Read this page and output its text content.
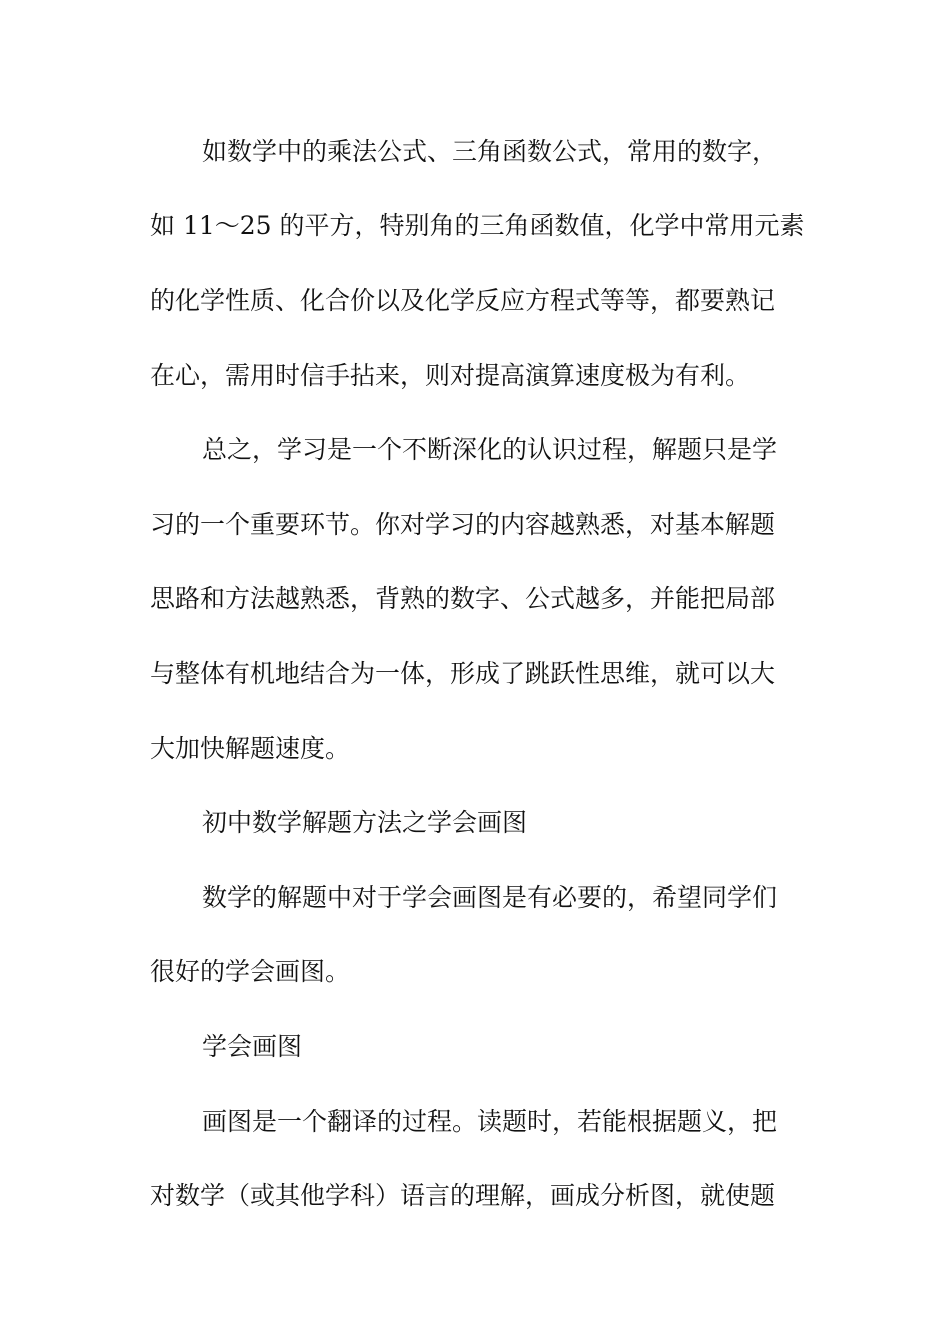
如数学中的乘法公式、三角函数公式，常用的数字，
如 11～25 的平方，特别角的三角函数值，化学中常用元素
的化学性质、化合价以及化学反应方程式等等，都要熟记
在心，需用时信手拈来，则对提高演算速度极为有利。
总之，学习是一个不断深化的认识过程，解题只是学
习的一个重要环节。你对学习的内容越熟悉，对基本解题
思路和方法越熟悉，背熟的数字、公式越多，并能把局部
与整体有机地结合为一体，形成了跳跃性思维，就可以大
大加快解题速度。
初中数学解题方法之学会画图
数学的解题中对于学会画图是有必要的，希望同学们
很好的学会画图。
学会画图
画图是一个翻译的过程。读题时，若能根据题义，把
对数学（或其他学科）语言的理解，画成分析图，就使题
